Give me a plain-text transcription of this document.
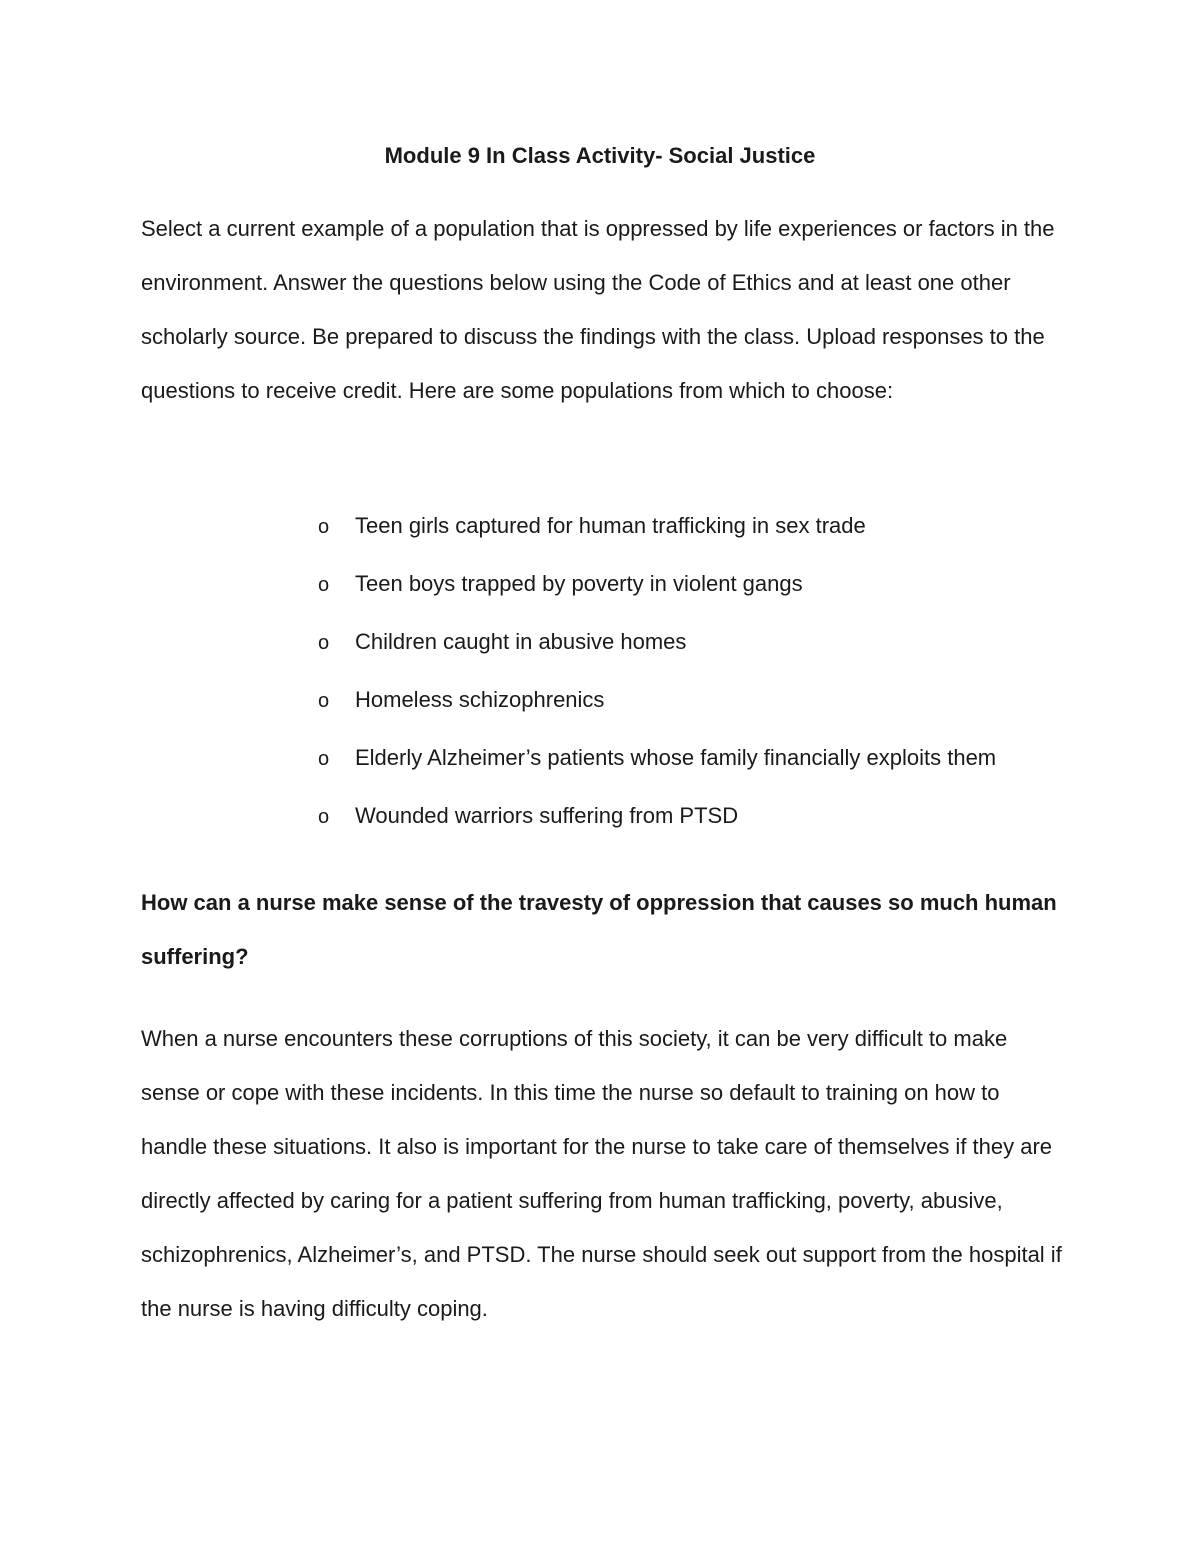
Module 9 In Class Activity- Social Justice

Select a current example of a population that is oppressed by life experiences or factors in the environment. Answer the questions below using the Code of Ethics and at least one other scholarly source. Be prepared to discuss the findings with the class. Upload responses to the questions to receive credit. Here are some populations from which to choose:

o Teen girls captured for human trafficking in sex trade
o Teen boys trapped by poverty in violent gangs
o Children caught in abusive homes
o Homeless schizophrenics
o Elderly Alzheimer’s patients whose family financially exploits them
o Wounded warriors suffering from PTSD

How can a nurse make sense of the travesty of oppression that causes so much human suffering?

When a nurse encounters these corruptions of this society, it can be very difficult to make sense or cope with these incidents. In this time the nurse so default to training on how to handle these situations. It also is important for the nurse to take care of themselves if they are directly affected by caring for a patient suffering from human trafficking, poverty, abusive, schizophrenics, Alzheimer’s, and PTSD. The nurse should seek out support from the hospital if the nurse is having difficulty coping.
